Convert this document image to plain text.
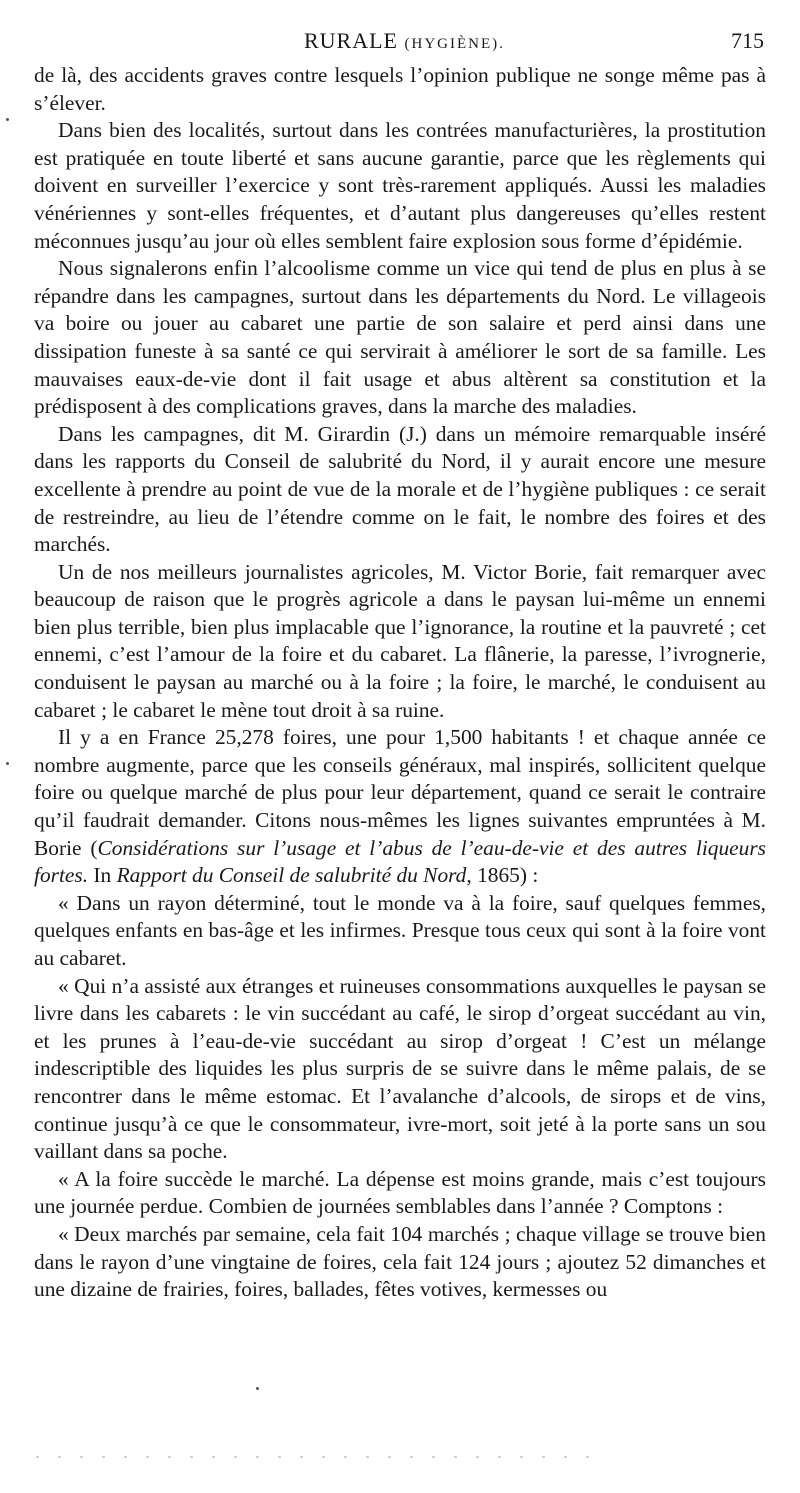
RURALE (HYGIÈNE).	715

de là, des accidents graves contre lesquels l’opinion publique ne songe même pas à s’élever.

Dans bien des localités, surtout dans les contrées manufacturières, la prostitution est pratiquée en toute liberté et sans aucune garantie, parce que les règlements qui doivent en surveiller l’exercice y sont très-rarement appliqués. Aussi les maladies vénériennes y sont-elles fréquentes, et d’autant plus dangereuses qu’elles restent méconnues jusqu’au jour où elles semblent faire explosion sous forme d’épidémie.

Nous signalerons enfin l’alcoolisme comme un vice qui tend de plus en plus à se répandre dans les campagnes, surtout dans les départements du Nord. Le villageois va boire ou jouer au cabaret une partie de son salaire et perd ainsi dans une dissipation funeste à sa santé ce qui servirait à améliorer le sort de sa famille. Les mauvaises eaux-de-vie dont il fait usage et abus altèrent sa constitution et la prédisposent à des complications graves, dans la marche des maladies.

Dans les campagnes, dit M. Girardin (J.) dans un mémoire remarquable inséré dans les rapports du Conseil de salubrité du Nord, il y aurait encore une mesure excellente à prendre au point de vue de la morale et de l’hygiène publiques : ce serait de restreindre, au lieu de l’étendre comme on le fait, le nombre des foires et des marchés.

Un de nos meilleurs journalistes agricoles, M. Victor Borie, fait remarquer avec beaucoup de raison que le progrès agricole a dans le paysan lui-même un ennemi bien plus terrible, bien plus implacable que l’ignorance, la routine et la pauvreté ; cet ennemi, c’est l’amour de la foire et du cabaret. La flânerie, la paresse, l’ivrognerie, conduisent le paysan au marché ou à la foire ; la foire, le marché, le conduisent au cabaret ; le cabaret le mène tout droit à sa ruine.

Il y a en France 25,278 foires, une pour 1,500 habitants ! et chaque année ce nombre augmente, parce que les conseils généraux, mal inspirés, sollicitent quelque foire ou quelque marché de plus pour leur département, quand ce serait le contraire qu’il faudrait demander. Citons nous-mêmes les lignes suivantes empruntées à M. Borie (Considérations sur l’usage et l’abus de l’eau-de-vie et des autres liqueurs fortes. In Rapport du Conseil de salubrité du Nord, 1865) :

« Dans un rayon déterminé, tout le monde va à la foire, sauf quelques femmes, quelques enfants en bas-âge et les infirmes. Presque tous ceux qui sont à la foire vont au cabaret.

« Qui n’a assisté aux étranges et ruineuses consommations auxquelles le paysan se livre dans les cabarets : le vin succédant au café, le sirop d’orgeat succédant au vin, et les prunes à l’eau-de-vie succédant au sirop d’orgeat ! C’est un mélange indescriptible des liquides les plus surpris de se suivre dans le même palais, de se rencontrer dans le même estomac. Et l’avalanche d’alcools, de sirops et de vins, continue jusqu’à ce que le consommateur, ivre-mort, soit jeté à la porte sans un sou vaillant dans sa poche.

« A la foire succède le marché. La dépense est moins grande, mais c’est toujours une journée perdue. Combien de journées semblables dans l’année ? Comptons :

« Deux marchés par semaine, cela fait 104 marchés ; chaque village se trouve bien dans le rayon d’une vingtaine de foires, cela fait 124 jours ; ajoutez 52 dimanches et une dizaine de frairies, foires, ballades, fêtes votives, kermesses ou
